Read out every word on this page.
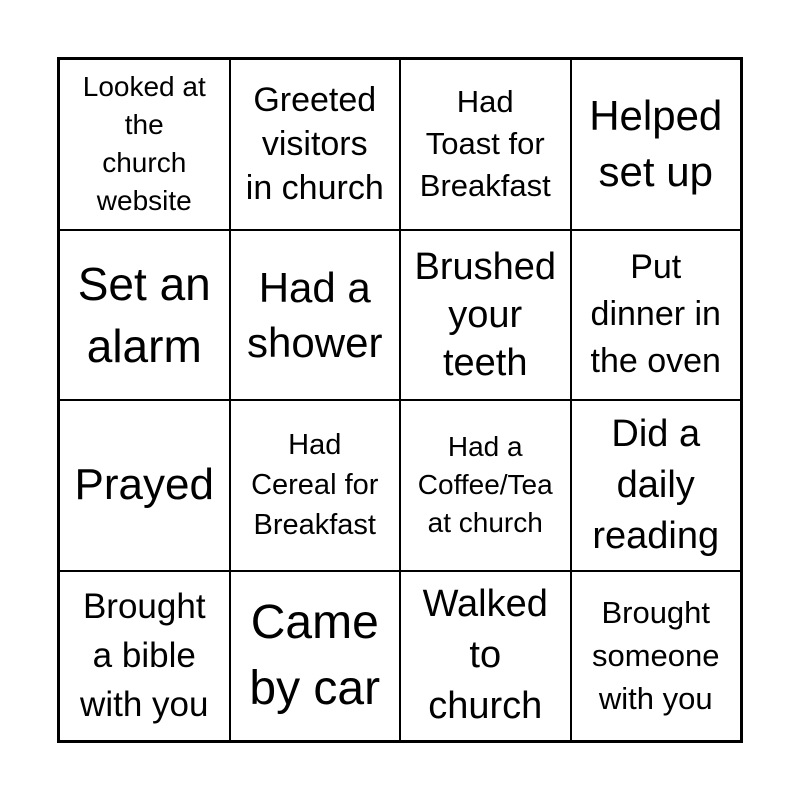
Looked at
the
church
website
Greeted
visitors
in church
Had
Toast for
Breakfast
Helped
set up
Set an
alarm
Had a
shower
Brushed
your
teeth
Put
dinner in
the oven
Prayed
Had
Cereal for
Breakfast
Had a
Coffee/Tea
at church
Did a
daily
reading
Brought
a bible
with you
Came
by car
Walked
to
church
Brought
someone
with you
